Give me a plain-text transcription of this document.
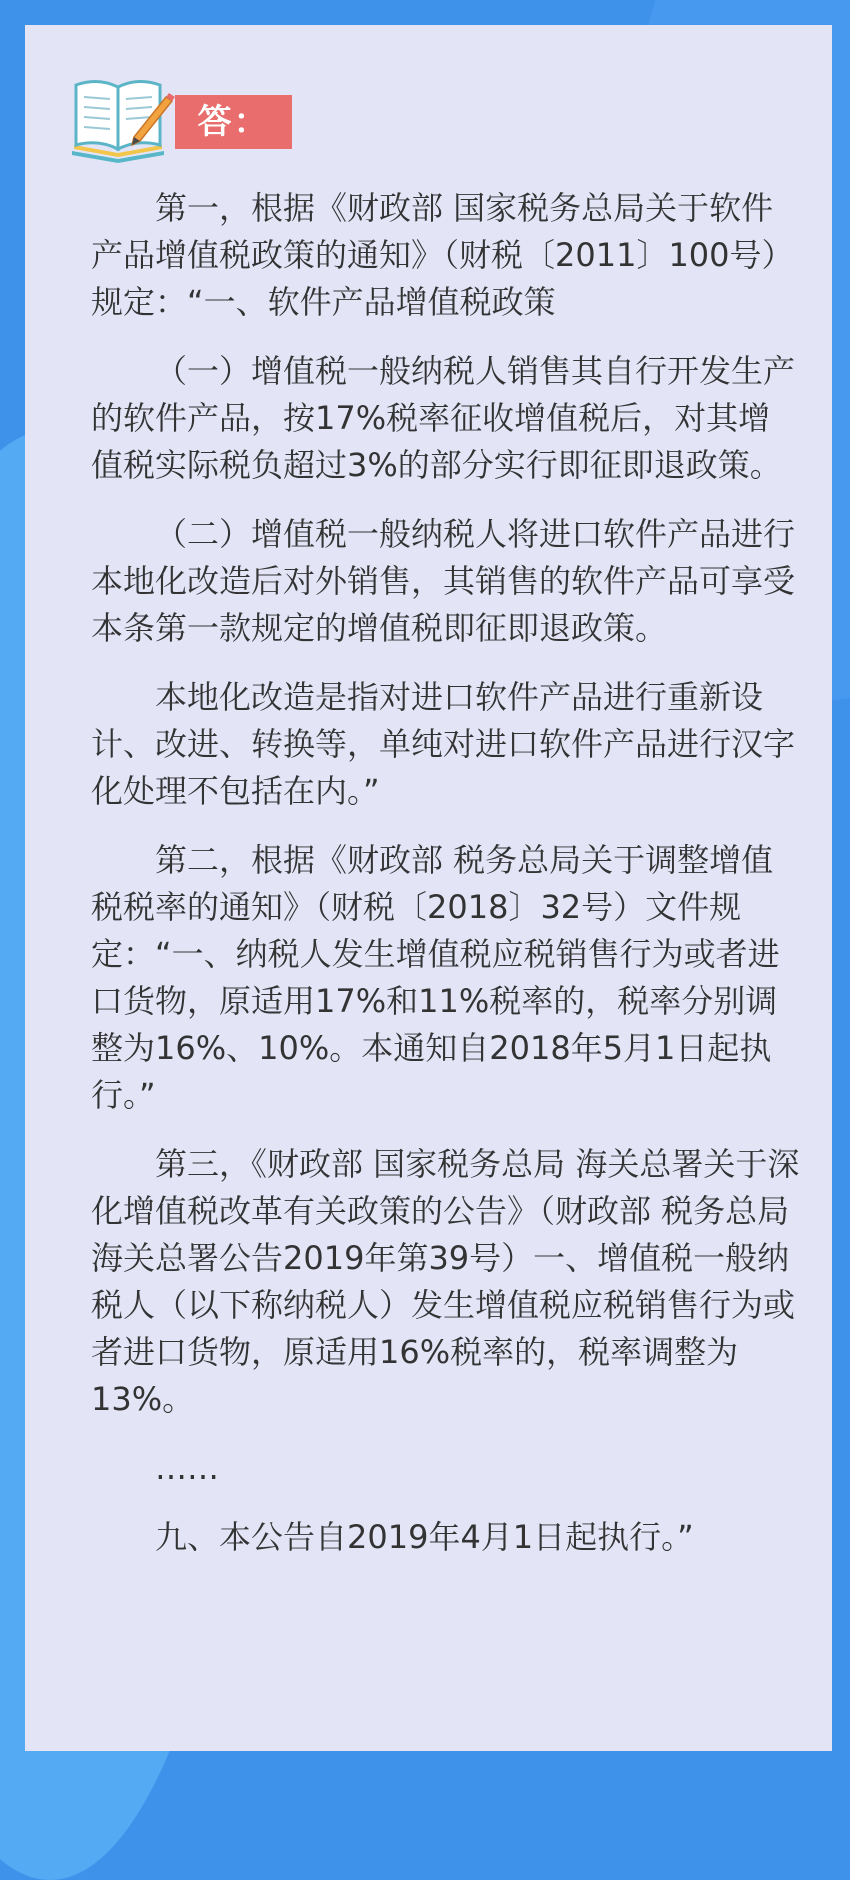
答：

第一，根据《财政部 国家税务总局关于软件产品增值税政策的通知》（财税〔2011〕100号）规定：“一、软件产品增值税政策

（一）增值税一般纳税人销售其自行开发生产的软件产品，按17%税率征收增值税后，对其增值税实际税负超过3%的部分实行即征即退政策。

（二）增值税一般纳税人将进口软件产品进行本地化改造后对外销售，其销售的软件产品可享受本条第一款规定的增值税即征即退政策。

本地化改造是指对进口软件产品进行重新设计、改进、转换等，单纯对进口软件产品进行汉字化处理不包括在内。”

第二，根据《财政部 税务总局关于调整增值税税率的通知》（财税〔2018〕32号）文件规定：“一、纳税人发生增值税应税销售行为或者进口货物，原适用17%和11%税率的，税率分别调整为16%、10%。本通知自2018年5月1日起执行。”

第三，《财政部 国家税务总局 海关总署关于深化增值税改革有关政策的公告》（财政部 税务总局 海关总署公告2019年第39号）一、增值税一般纳税人（以下称纳税人）发生增值税应税销售行为或者进口货物，原适用16%税率的，税率调整为13%。

……

九、本公告自2019年4月1日起执行。”
